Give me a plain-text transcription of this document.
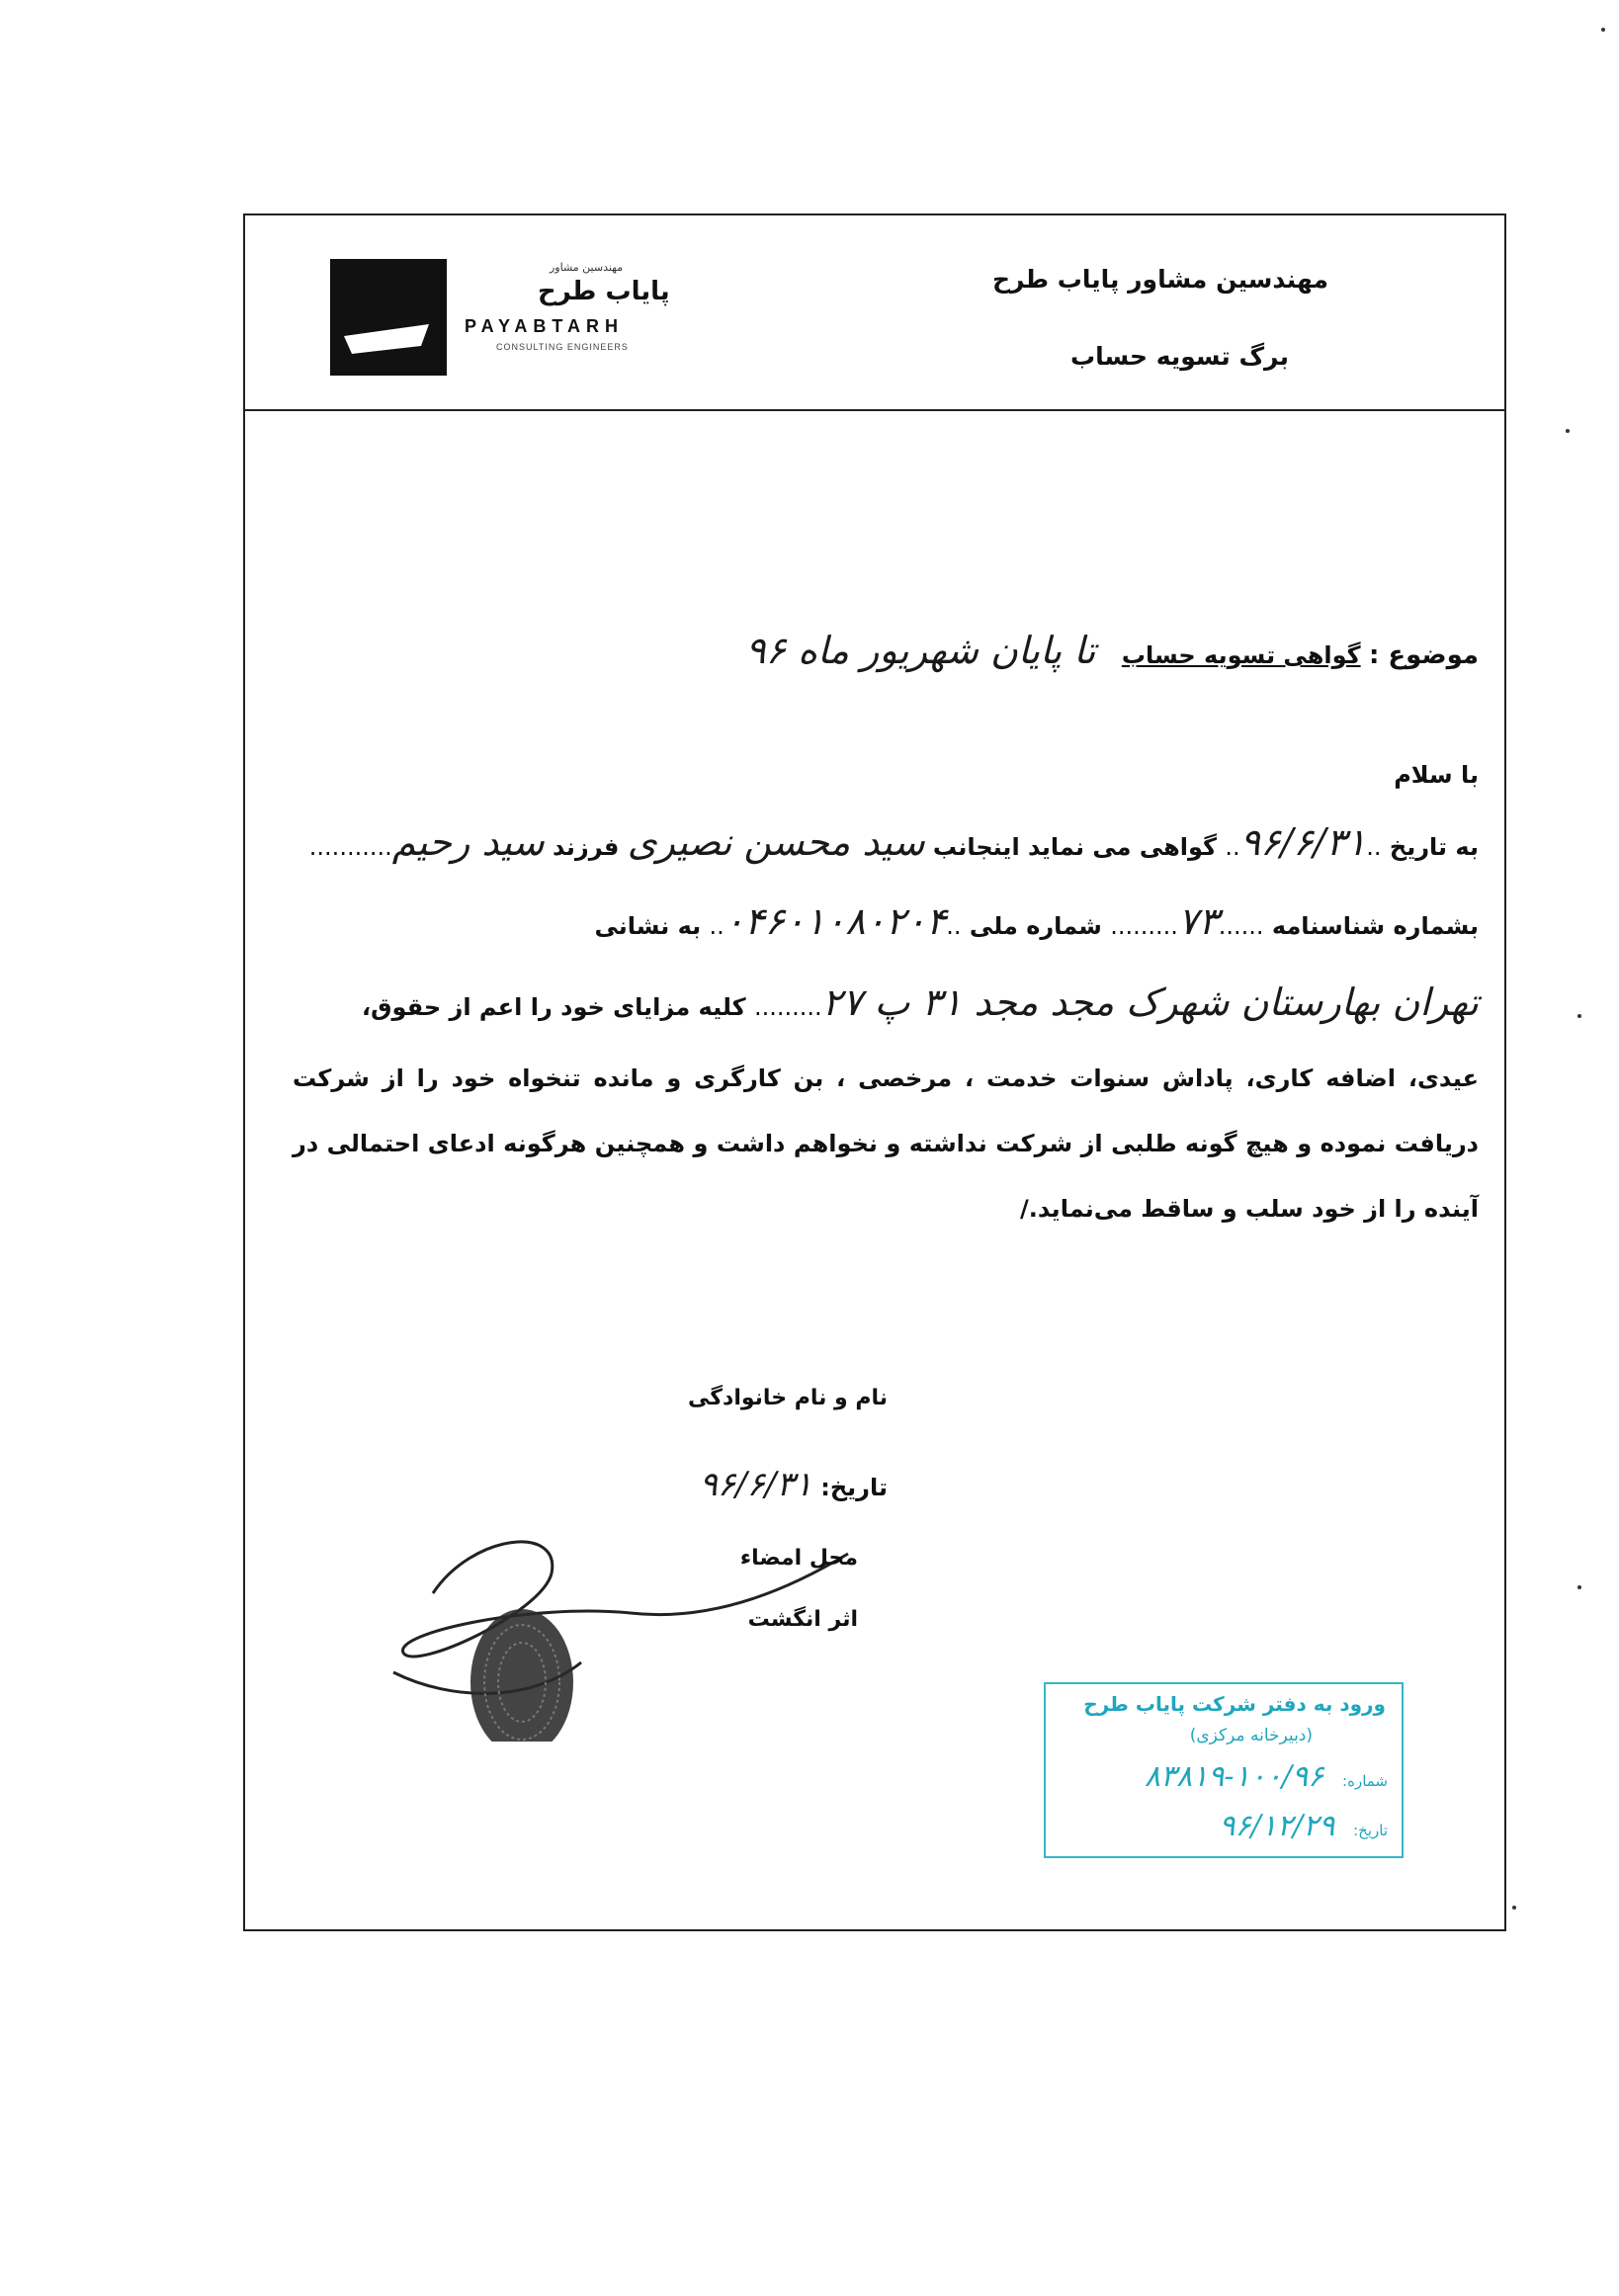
مهندسین مشاور
پایاب طرح
PAYABTARH
CONSULTING ENGINEERS
مهندسین مشاور پایاب طرح
برگ تسویه حساب
موضوع : گواهی تسویه حساب تا پایان شهریور ماه ۹۶
با سلام
به تاریخ ..۹۶/۶/۳۱.. گواهی می نماید اینجانب سید محسن نصیری فرزند سید رحیم...........
بشماره شناسنامه ......۷۳......... شماره ملی ..۰۴۶۰۱۰۸۰۲۰۴.. به نشانی
تهران بهارستان شهرک مجد مجد ۳۱ پ ۲۷......... کلیه مزایای خود را اعم از حقوق،
عیدی، اضافه کاری، پاداش سنوات خدمت ، مرخصی ، بن کارگری و مانده تنخواه خود را از شرکت دریافت نموده و هیچ گونه طلبی از شرکت نداشته و نخواهم داشت و همچنین هرگونه ادعای احتمالی در آینده را از خود سلب و ساقط می‌نماید./
نام و نام خانوادگی
تاریخ: ۹۶/۶/۳۱
محل امضاء
اثر انگشت
ورود به دفتر شرکت پایاب طرح
(دبیرخانه مرکزی)
شماره: ۱۰۰/۹۶-۸۳۸۱۹
تاریخ: ۹۶/۱۲/۲۹
